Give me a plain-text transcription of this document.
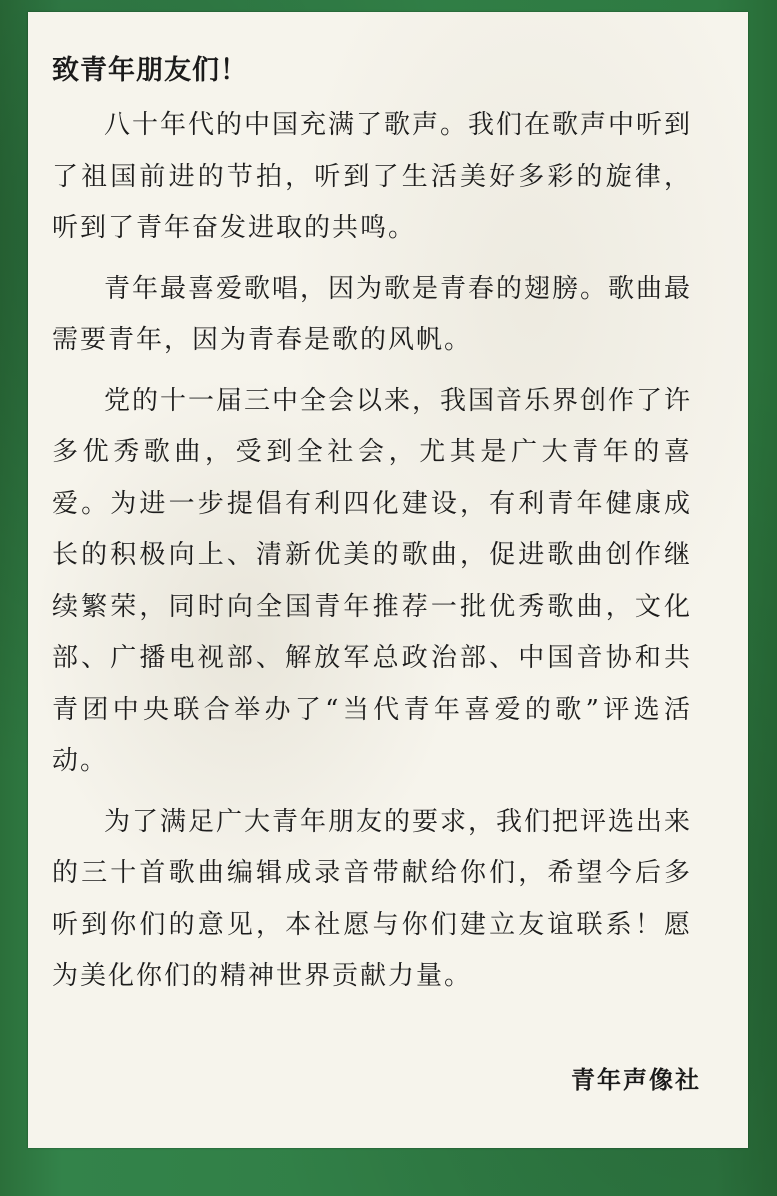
致青年朋友们！

八十年代的中国充满了歌声。我们在歌声中听到了祖国前进的节拍，听到了生活美好多彩的旋律，听到了青年奋发进取的共鸣。

青年最喜爱歌唱，因为歌是青春的翅膀。歌曲最需要青年，因为青春是歌的风帆。

党的十一届三中全会以来，我国音乐界创作了许多优秀歌曲，受到全社会，尤其是广大青年的喜爱。为进一步提倡有利四化建设，有利青年健康成长的积极向上、清新优美的歌曲，促进歌曲创作继续繁荣，同时向全国青年推荐一批优秀歌曲，文化部、广播电视部、解放军总政治部、中国音协和共青团中央联合举办了“当代青年喜爱的歌”评选活动。

为了满足广大青年朋友的要求，我们把评选出来的三十首歌曲编辑成录音带献给你们，希望今后多听到你们的意见，本社愿与你们建立友谊联系！愿为美化你们的精神世界贡献力量。

青年声像社
